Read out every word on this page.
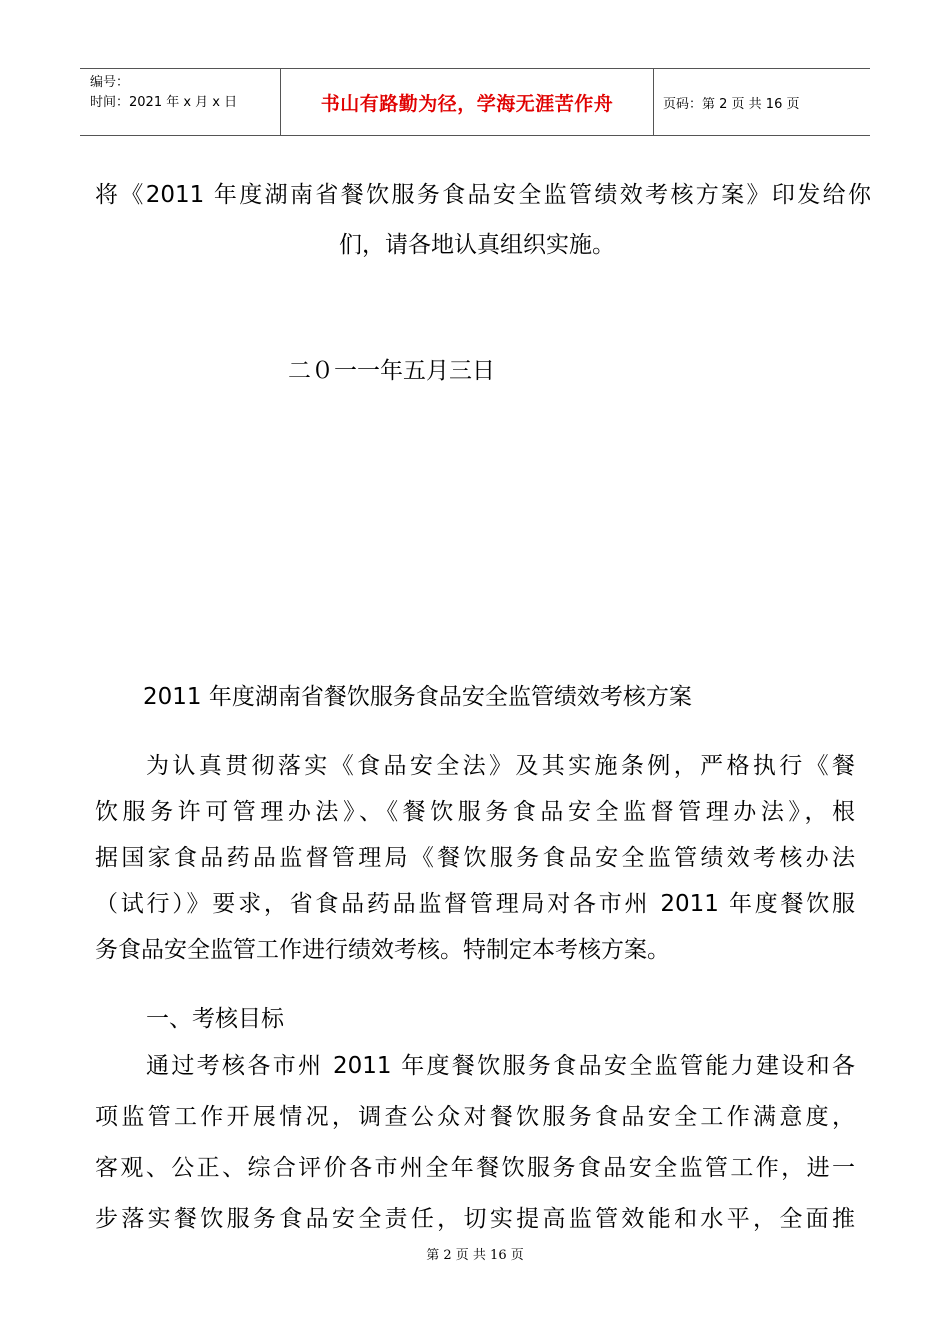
编号：
时间：2021 年 x 月 x 日	书山有路勤为径，学海无涯苦作舟	页码：第 2 页 共 16 页

将《2011 年度湖南省餐饮服务食品安全监管绩效考核方案》印发给你

们，请各地认真组织实施。

二０一一年五月三日
2011 年度湖南省餐饮服务食品安全监管绩效考核方案

为认真贯彻落实《食品安全法》及其实施条例，严格执行《餐

饮服务许可管理办法》、《餐饮服务食品安全监督管理办法》，根

据国家食品药品监督管理局《餐饮服务食品安全监管绩效考核办法

（试行）》要求，省食品药品监督管理局对各市州 2011 年度餐饮服

务食品安全监管工作进行绩效考核。特制定本考核方案。

一、考核目标

通过考核各市州 2011 年度餐饮服务食品安全监管能力建设和各

项监管工作开展情况，调查公众对餐饮服务食品安全工作满意度，

客观、公正、综合评价各市州全年餐饮服务食品安全监管工作，进一

步落实餐饮服务食品安全责任，切实提高监管效能和水平，全面推

第 2 页 共 16 页
